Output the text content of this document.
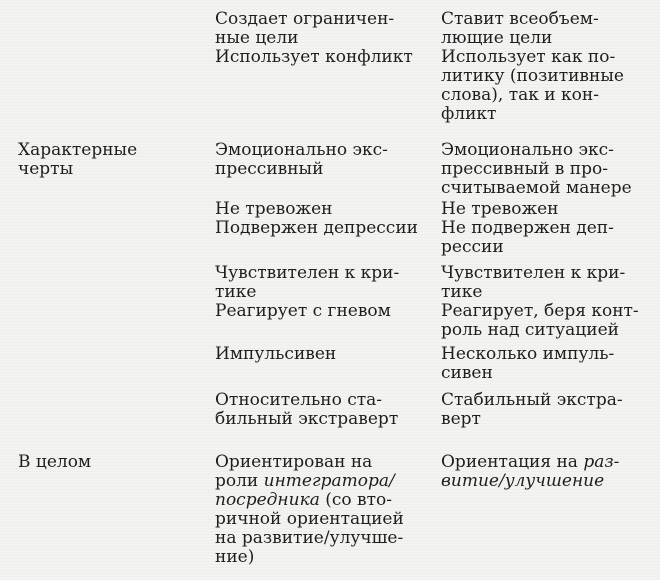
Создает ограничен-
ные цели
Использует конфликт
Ставит всеобъем-
лющие цели
Использует как по-
литику (позитивные
слова), так и кон-
фликт
Характерные
черты
Эмоционально экс-
прессивный
Эмоционально экс-
прессивный в про-
считываемой манере
Не тревожен
Подвержен депрессии
Не тревожен
Не подвержен деп-
рессии
Чувствителен к кри-
тике
Реагирует с гневом
Чувствителен к кри-
тике
Реагирует, беря конт-
роль над ситуацией
Импульсивен	Несколько импуль-
сивен
Относительно ста-
бильный экстраверт
Стабильный экстра-
верт
В целом	Ориентирован на
роли интегратора/
посредника (со вто-
ричной ориентацией
на развитие/улучше-
ние)
Ориентация на раз-
витие/улучшение
